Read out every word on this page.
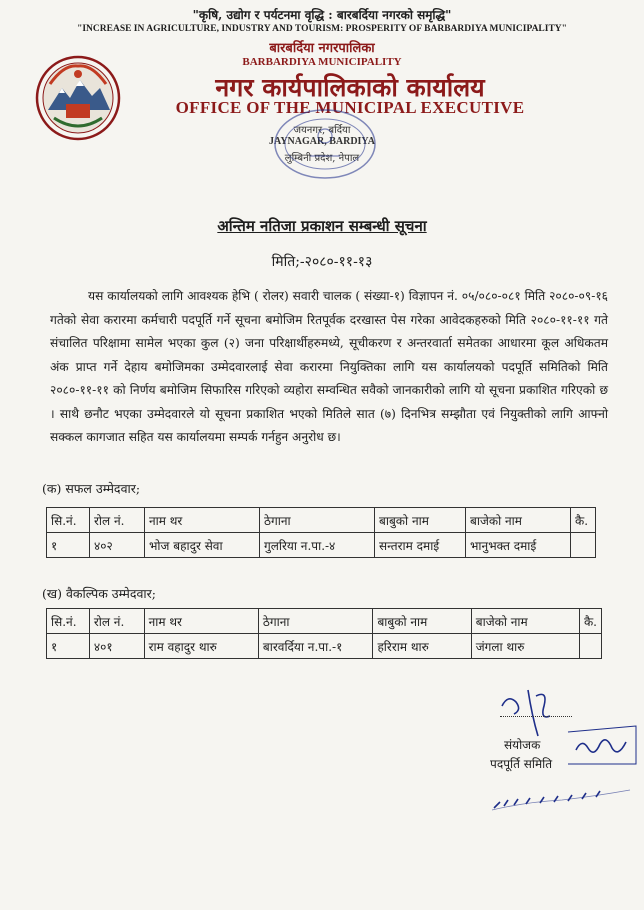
"कृषि, उद्योग र पर्यटनमा वृद्धि : बारबर्दिया नगरको समृद्धि"
"INCREASE IN AGRICULTURE, INDUSTRY AND TOURISM: PROSPERITY OF BARBARDIYA MUNICIPALITY"
बारबर्दिया नगरपालिका
BARBARDIYA MUNICIPALITY
नगर कार्यपालिकाको कार्यालय
OFFICE OF THE MUNICIPAL EXECUTIVE
जयनगर, बर्दिया
JAYNAGAR, BARDIYA
लुम्बिनी प्रदेश, नेपाल
अन्तिम नतिजा प्रकाशन सम्बन्धी सूचना
मिति;-२०८०-११-१३
यस कार्यालयको लागि आवश्यक हेभि ( रोलर) सवारी चालक ( संख्या-१) विज्ञापन नं. ०५/०८०-०८१ मिति २०८०-०९-१६ गतेको सेवा करारमा कर्मचारी पदपूर्ति गर्ने सूचना बमोजिम रितपूर्वक दरखास्त पेस गरेका आवेदकहरुको मिति २०८०-११-११ गते संचालित परिक्षामा सामेल भएका कुल (२) जना परिक्षार्थीहरुमध्ये, सूचीकरण र अन्तरवार्ता समेतका आधारमा कूल अधिकतम अंक प्राप्त गर्ने देहाय बमोजिमका उम्मेदवारलाई सेवा करारमा नियुक्तिका लागि यस कार्यालयको पदपूर्ति समितिको मिति २०८०-११-११ को निर्णय बमोजिम सिफारिस गरिएको व्यहोरा सम्वन्धित सवैको जानकारीको लागि यो सूचना प्रकाशित गरिएको छ । साथै छनौट भएका उम्मेदवारले यो सूचना प्रकाशित भएको मितिले सात (७) दिनभित्र सम्झौता एवं नियुक्तीको लागि आफ्नो सक्कल कागजात सहित यस कार्यालयमा सम्पर्क गर्नहुन अनुरोध छ।
(क) सफल उम्मेदवार;
सि.नं.	रोल नं.	नाम थर	ठेगाना	बाबुको नाम	बाजेको नाम	कै.
१	४०२	भोज बहादुर सेवा	गुलरिया न.पा.-४	सन्तराम दमाई	भानुभक्त दमाई	
(ख) वैकल्पिक उम्मेदवार;
सि.नं.	रोल नं.	नाम थर	ठेगाना	बाबुको नाम	बाजेको नाम	कै.
१	४०१	राम वहादुर थारु	बारवर्दिया न.पा.-१	हरिराम थारु	जंगला थारु	
संयोजक
पदपूर्ति समिति
